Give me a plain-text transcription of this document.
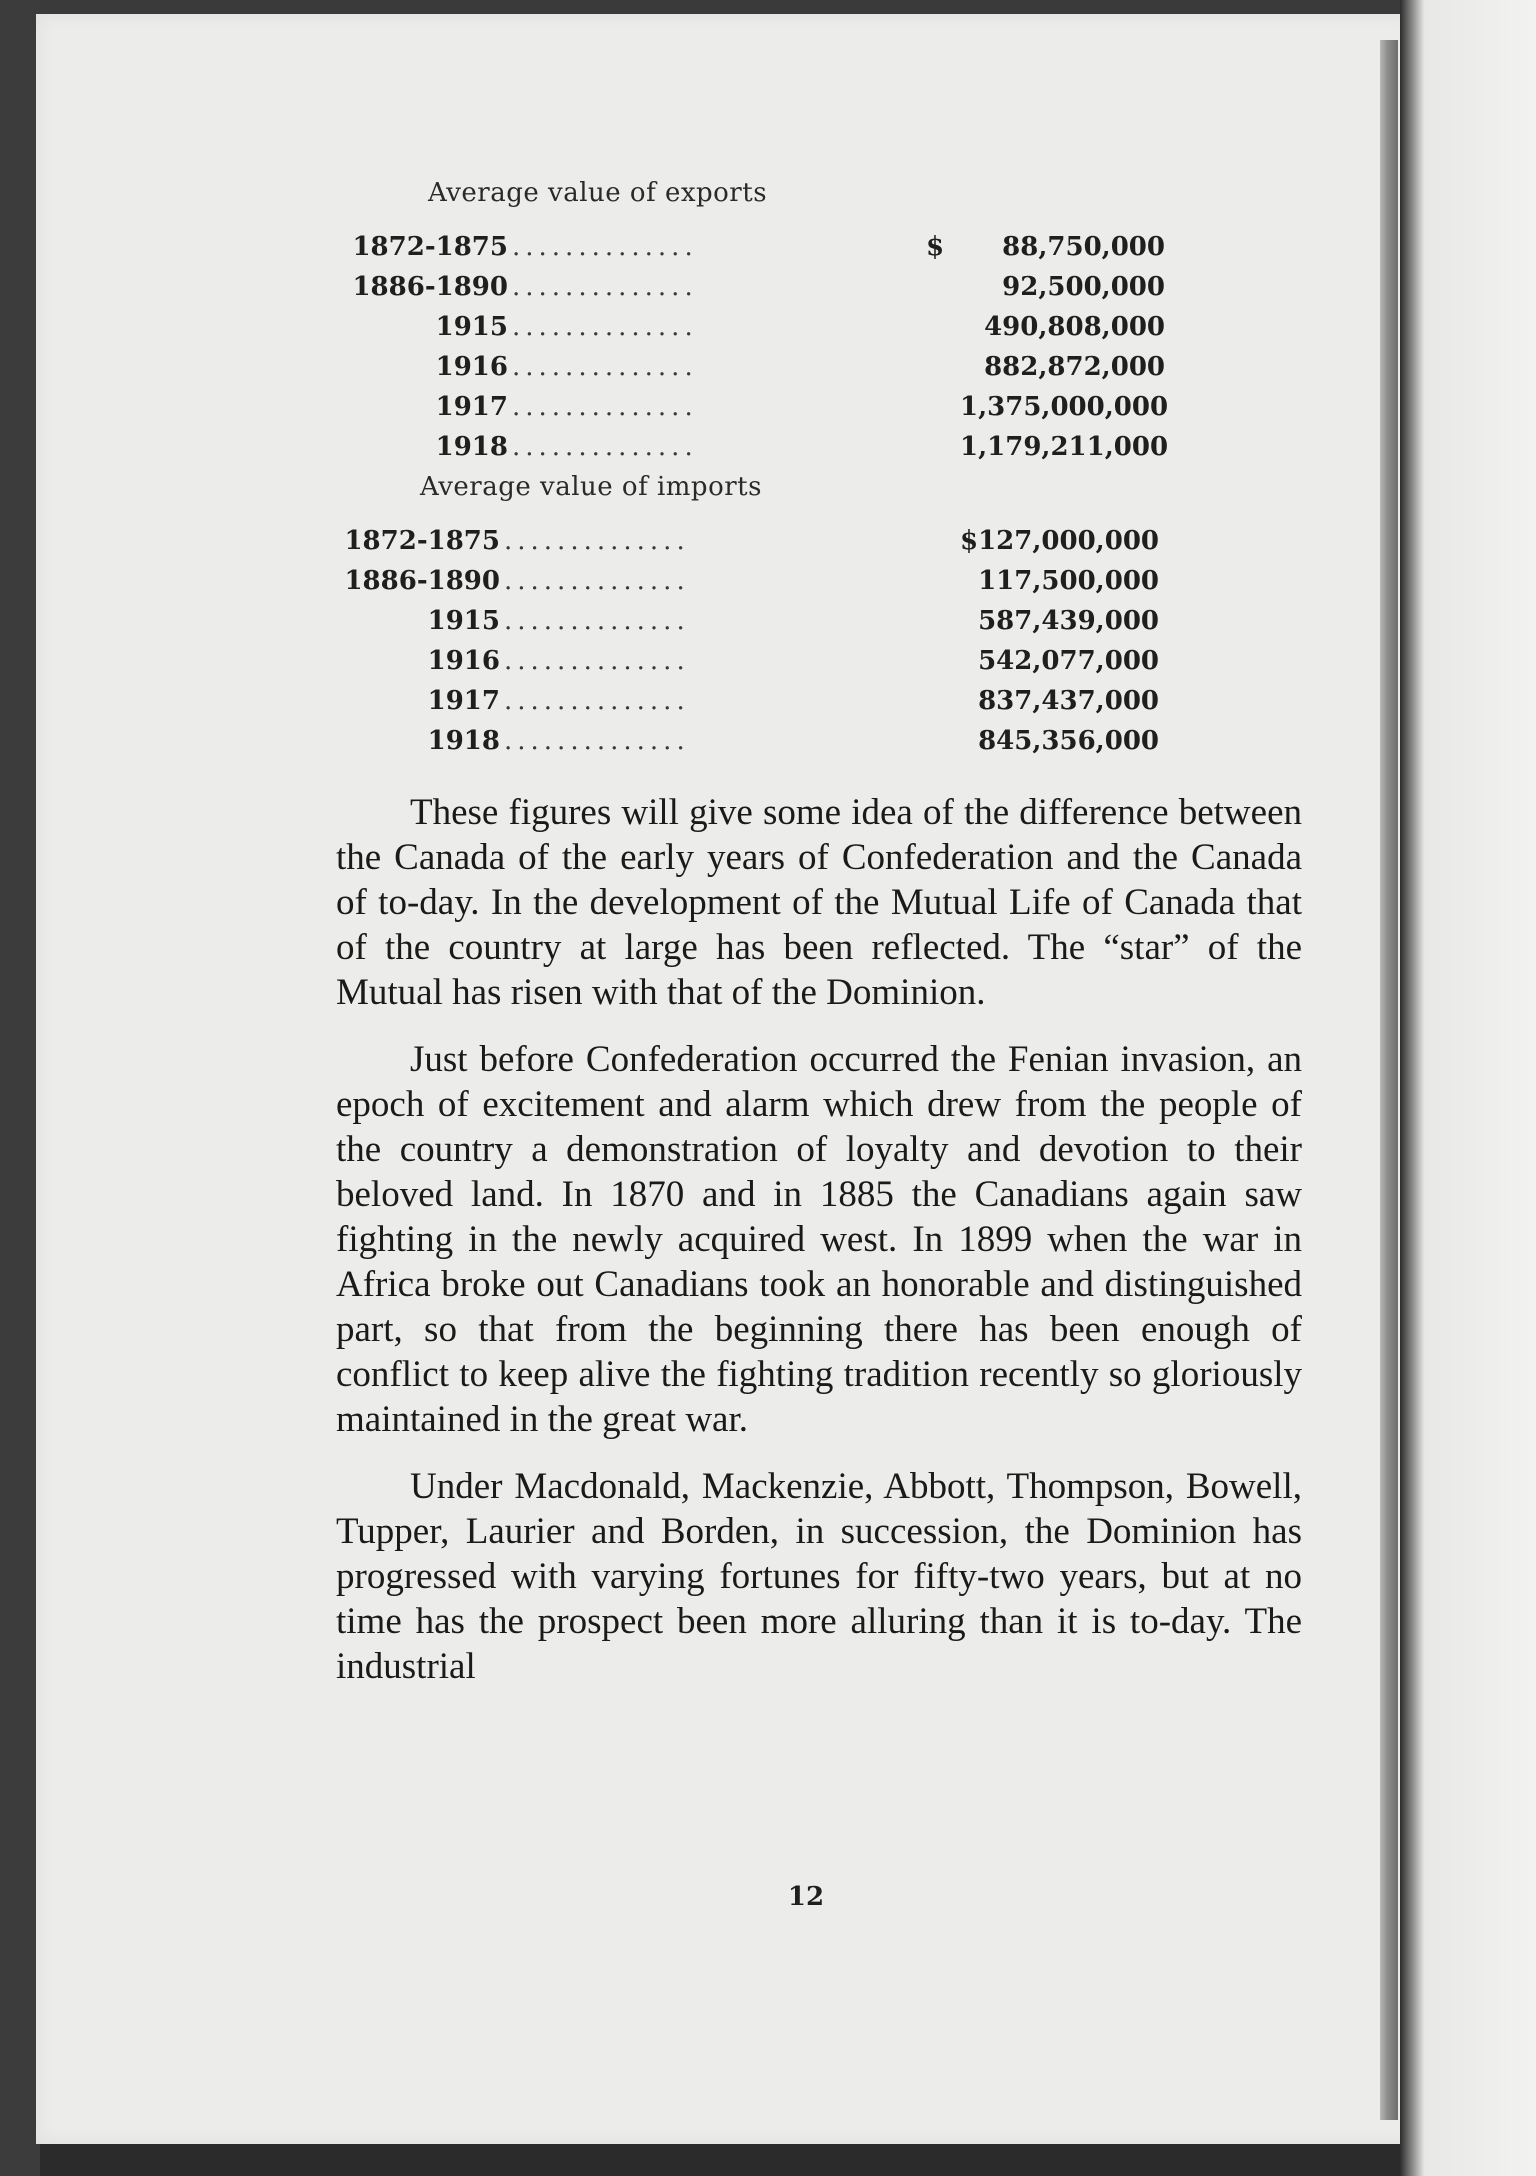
Average value of exports
1872-1875 ..............	$	88,750,000
1886-1890 ..............	92,500,000
1915 ..............	490,808,000
1916 ..............	882,872,000
1917 ..............	1,375,000,000
1918 ..............	1,179,211,000
Average value of imports
1872-1875 ..............	$127,000,000
1886-1890 ..............	117,500,000
1915 ..............	587,439,000
1916 ..............	542,077,000
1917 ..............	837,437,000
1918 ..............	845,356,000

These figures will give some idea of the difference between the Canada of the early years of Confederation and the Canada of to-day. In the development of the Mutual Life of Canada that of the country at large has been reflected. The “star” of the Mutual has risen with that of the Dominion.

Just before Confederation occurred the Fenian invasion, an epoch of excitement and alarm which drew from the people of the country a demonstration of loyalty and devotion to their beloved land. In 1870 and in 1885 the Canadians again saw fighting in the newly acquired west. In 1899 when the war in Africa broke out Canadians took an honorable and distinguished part, so that from the beginning there has been enough of conflict to keep alive the fighting tradition recently so gloriously maintained in the great war.

Under Macdonald, Mackenzie, Abbott, Thompson, Bowell, Tupper, Laurier and Borden, in succession, the Dominion has progressed with varying fortunes for fifty-two years, but at no time has the prospect been more alluring than it is to-day. The industrial

12
